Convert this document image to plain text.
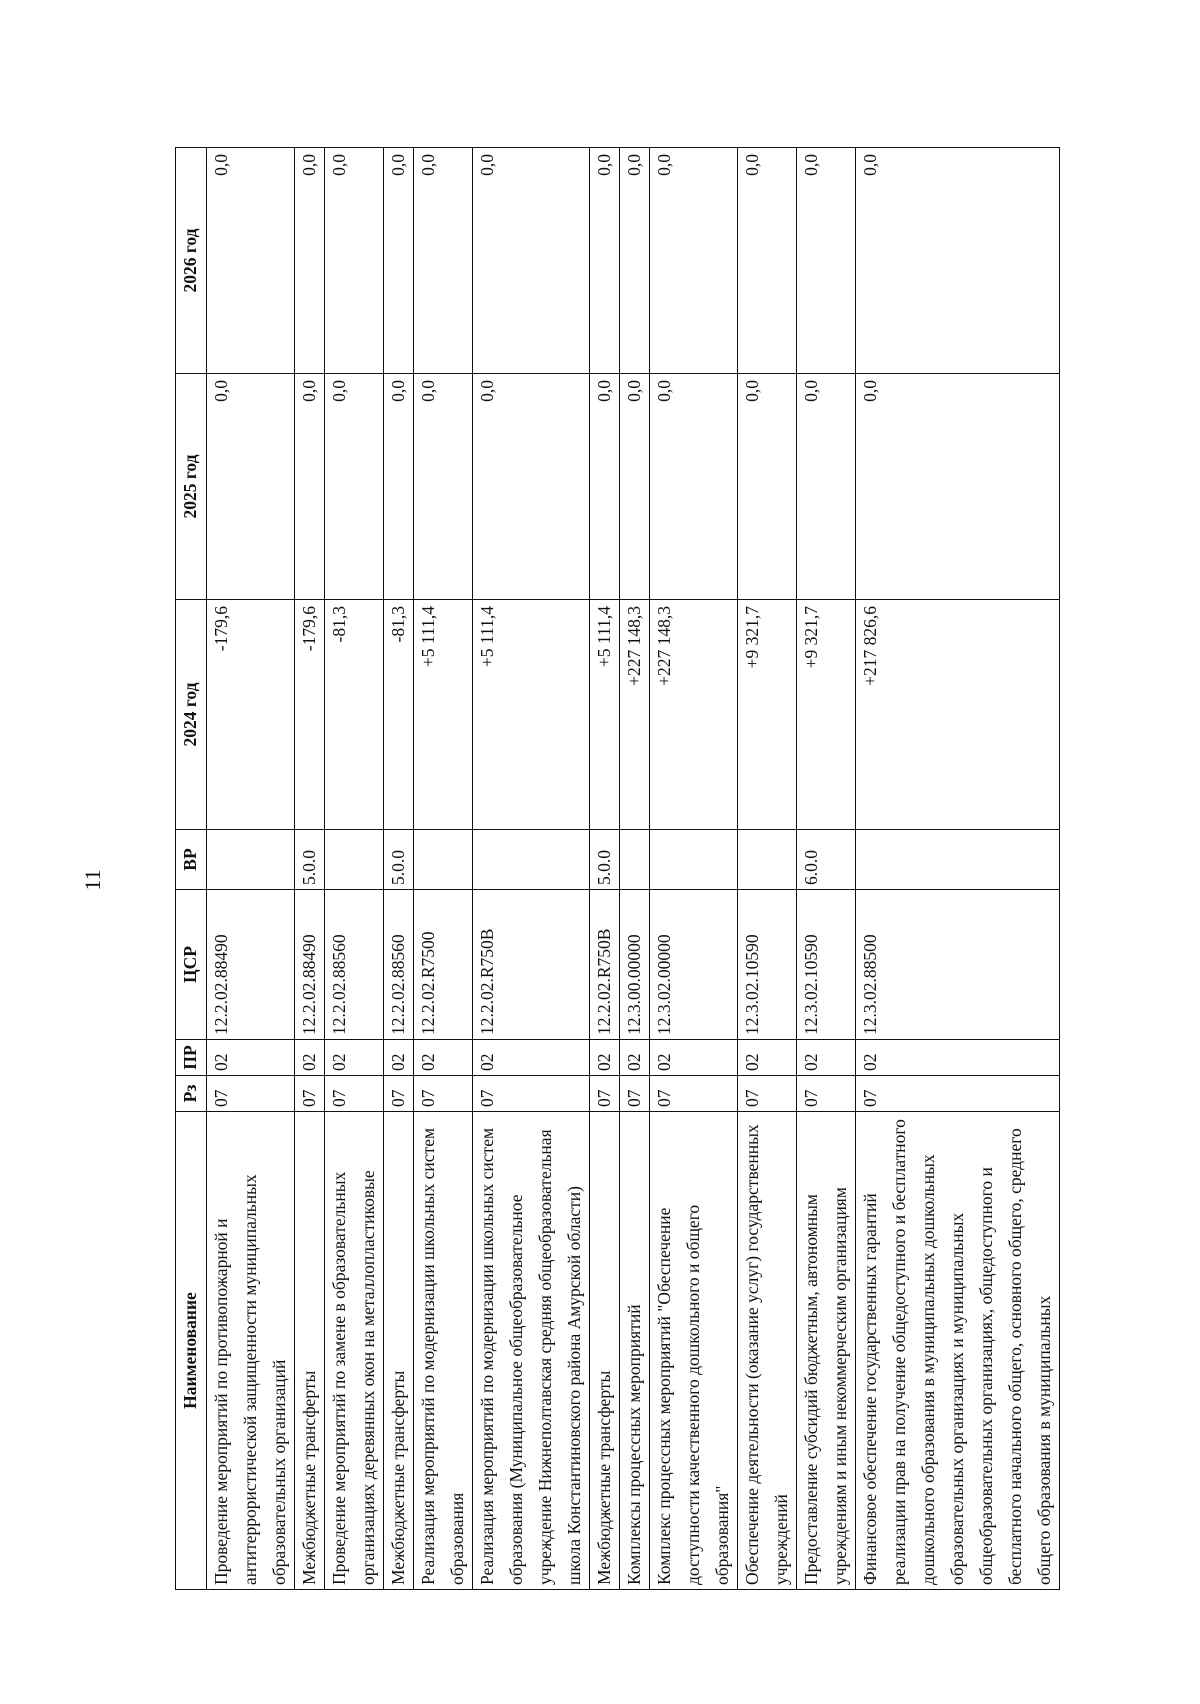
11
Наименование	Рз	ПР	ЦСР	ВР	2024 год	2025 год	2026 год
Проведение мероприятий по противопожарной и антитеррористической защищенности муниципальных образовательных организаций	07	02	12.2.02.88490		-179,6	0,0	0,0
Межбюджетные трансферты	07	02	12.2.02.88490	5.0.0	-179,6	0,0	0,0
Проведение мероприятий по замене в образовательных организациях деревянных окон на металлопластиковые	07	02	12.2.02.88560		-81,3	0,0	0,0
Межбюджетные трансферты	07	02	12.2.02.88560	5.0.0	-81,3	0,0	0,0
Реализация мероприятий по модернизации школьных систем образования	07	02	12.2.02.R7500		+5 111,4	0,0	0,0
Реализация мероприятий по модернизации школьных систем образования (Муниципальное общеобразовательное учреждение Нижнеполтавская средняя общеобразовательная школа Константиновского района Амурской области)	07	02	12.2.02.R750B		+5 111,4	0,0	0,0
Межбюджетные трансферты	07	02	12.2.02.R750B	5.0.0	+5 111,4	0,0	0,0
Комплексы процессных мероприятий	07	02	12.3.00.00000		+227 148,3	0,0	0,0
Комплекс процессных мероприятий "Обеспечение доступности качественного дошкольного и общего образования"	07	02	12.3.02.00000		+227 148,3	0,0	0,0
Обеспечение деятельности (оказание услуг) государственных учреждений	07	02	12.3.02.10590		+9 321,7	0,0	0,0
Предоставление субсидий бюджетным, автономным учреждениям и иным некоммерческим организациям	07	02	12.3.02.10590	6.0.0	+9 321,7	0,0	0,0
Финансовое обеспечение государственных гарантий реализации прав на получение общедоступного и бесплатного дошкольного образования в муниципальных дошкольных образовательных организациях и муниципальных общеобразовательных организациях, общедоступного и бесплатного начального общего, основного общего, среднего общего образования в муниципальных	07	02	12.3.02.88500		+217 826,6	0,0	0,0
